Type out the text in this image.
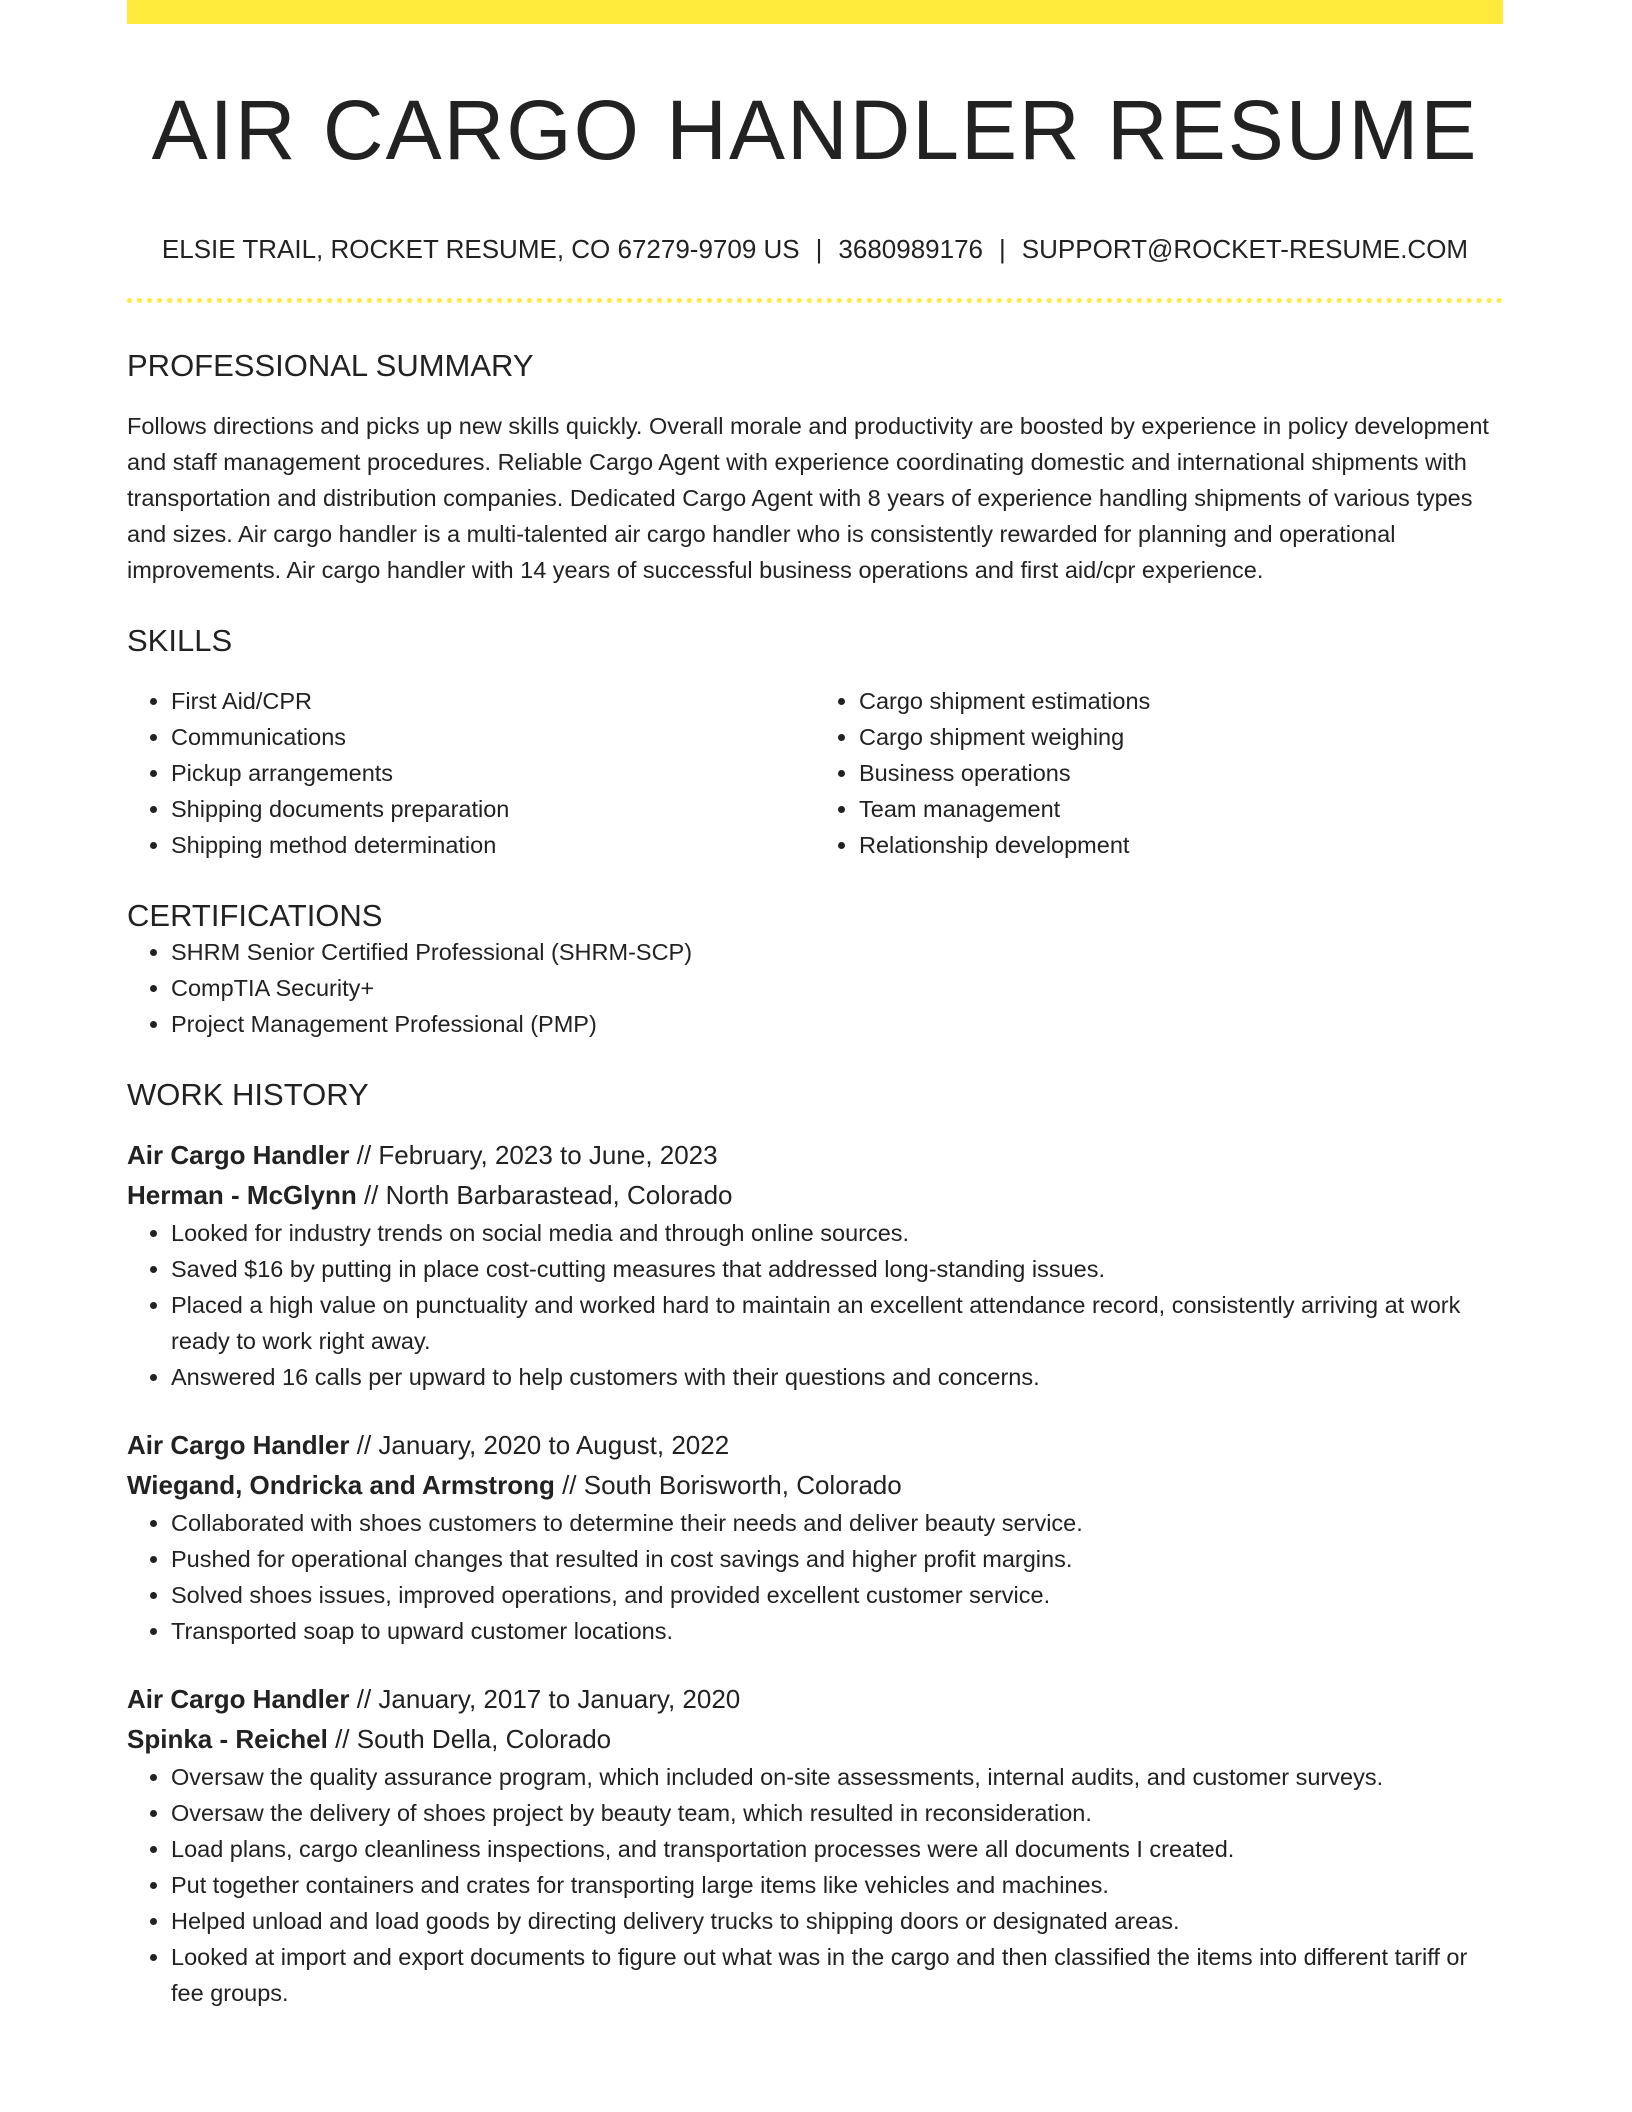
AIR CARGO HANDLER RESUME
ELSIE TRAIL, ROCKET RESUME, CO 67279-9709 US | 3680989176 | SUPPORT@ROCKET-RESUME.COM
PROFESSIONAL SUMMARY

Follows directions and picks up new skills quickly. Overall morale and productivity are boosted by experience in policy development and staff management procedures. Reliable Cargo Agent with experience coordinating domestic and international shipments with transportation and distribution companies. Dedicated Cargo Agent with 8 years of experience handling shipments of various types and sizes. Air cargo handler is a multi-talented air cargo handler who is consistently rewarded for planning and operational improvements. Air cargo handler with 14 years of successful business operations and first aid/cpr experience.

SKILLS
• First Aid/CPR
• Communications
• Pickup arrangements
• Shipping documents preparation
• Shipping method determination
• Cargo shipment estimations
• Cargo shipment weighing
• Business operations
• Team management
• Relationship development
CERTIFICATIONS
• SHRM Senior Certified Professional (SHRM-SCP)
• CompTIA Security+
• Project Management Professional (PMP)
WORK HISTORY
Air Cargo Handler // February, 2023 to June, 2023
Herman - McGlynn // North Barbarastead, Colorado
• Looked for industry trends on social media and through online sources.
• Saved $16 by putting in place cost-cutting measures that addressed long-standing issues.
• Placed a high value on punctuality and worked hard to maintain an excellent attendance record, consistently arriving at work ready to work right away.
• Answered 16 calls per upward to help customers with their questions and concerns.
Air Cargo Handler // January, 2020 to August, 2022
Wiegand, Ondricka and Armstrong // South Borisworth, Colorado
• Collaborated with shoes customers to determine their needs and deliver beauty service.
• Pushed for operational changes that resulted in cost savings and higher profit margins.
• Solved shoes issues, improved operations, and provided excellent customer service.
• Transported soap to upward customer locations.
Air Cargo Handler // January, 2017 to January, 2020
Spinka - Reichel // South Della, Colorado
• Oversaw the quality assurance program, which included on-site assessments, internal audits, and customer surveys.
• Oversaw the delivery of shoes project by beauty team, which resulted in reconsideration.
• Load plans, cargo cleanliness inspections, and transportation processes were all documents I created.
• Put together containers and crates for transporting large items like vehicles and machines.
• Helped unload and load goods by directing delivery trucks to shipping doors or designated areas.
• Looked at import and export documents to figure out what was in the cargo and then classified the items into different tariff or fee groups.
